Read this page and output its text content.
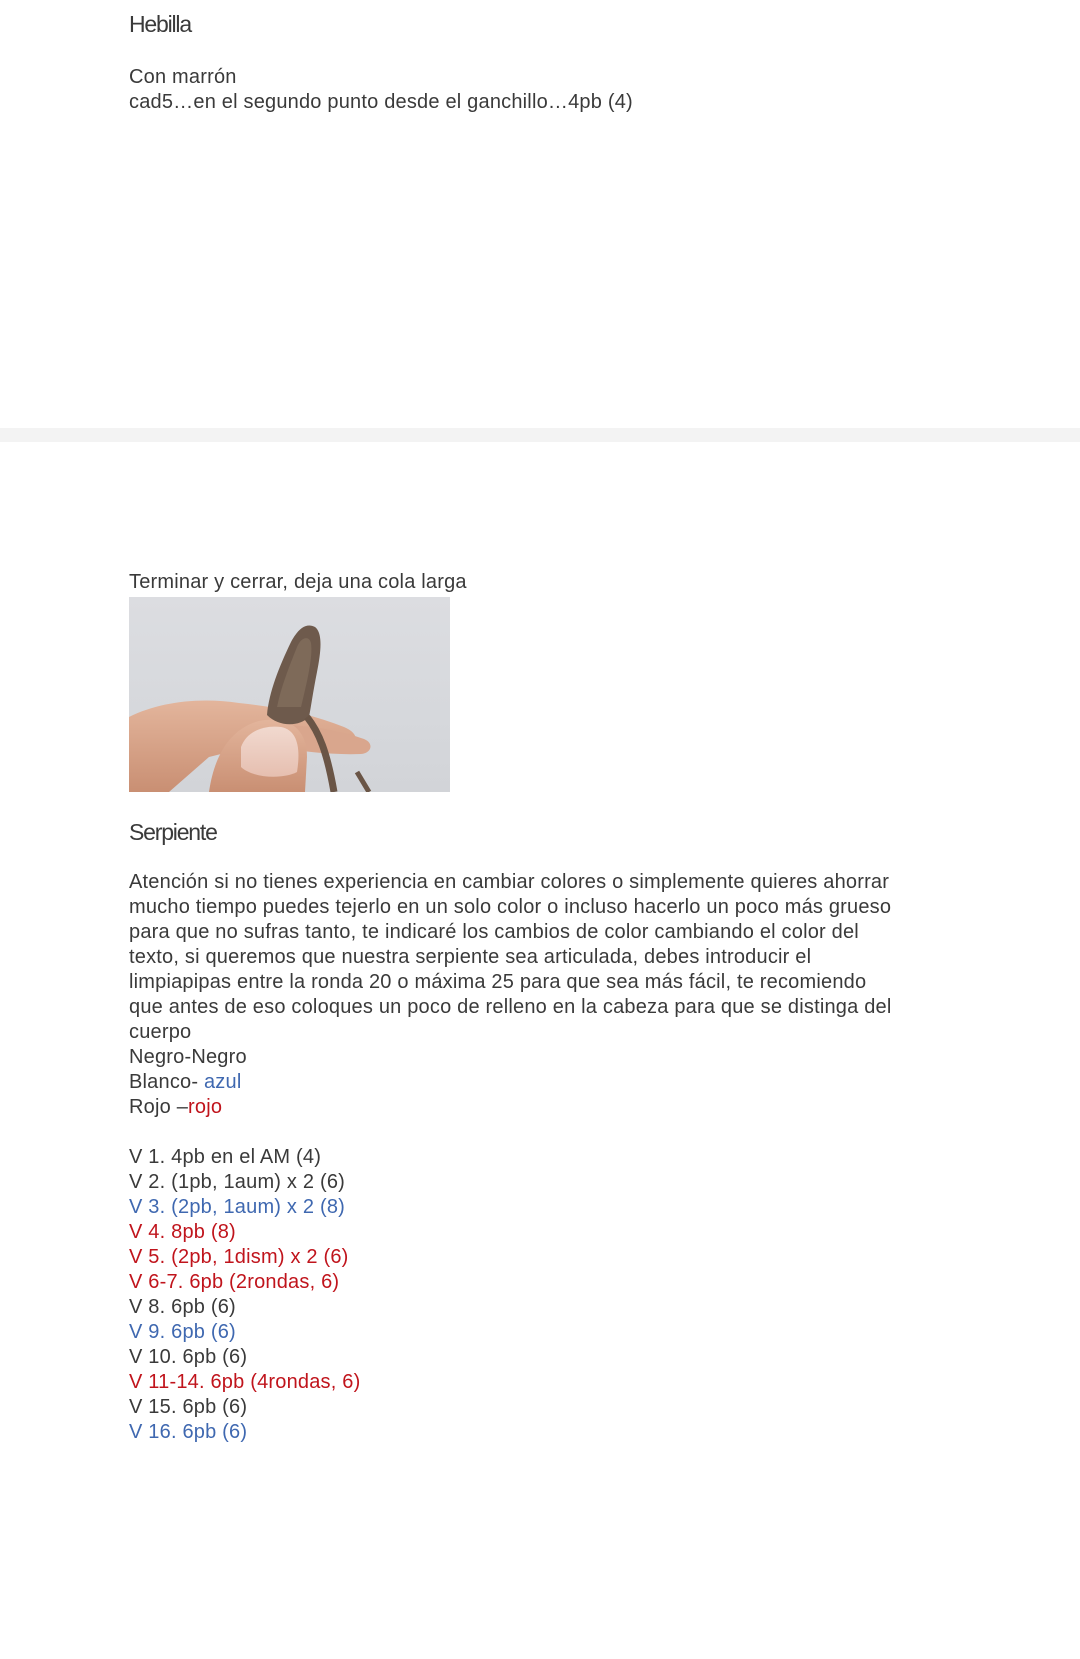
Hebilla
Con marrón
cad5…en el segundo punto desde el ganchillo…4pb (4)
Terminar y cerrar, deja una cola larga
Serpiente
Atención si no tienes experiencia en cambiar colores o simplemente quieres ahorrar
mucho tiempo puedes tejerlo en un solo color o incluso hacerlo un poco más grueso
para que no sufras tanto, te indicaré los cambios de color cambiando el color del
texto, si queremos que nuestra serpiente sea articulada, debes introducir el
limpiapipas entre la ronda 20 o máxima 25 para que sea más fácil, te recomiendo
que antes de eso coloques un poco de relleno en la cabeza para que se distinga del
cuerpo
Negro-Negro
Blanco- azul
Rojo –rojo
V 1. 4pb en el AM (4)
V 2. (1pb, 1aum) x 2 (6)
V 3. (2pb, 1aum) x 2 (8)
V 4. 8pb (8)
V 5. (2pb, 1dism) x 2 (6)
V 6-7. 6pb (2rondas, 6)
V 8. 6pb (6)
V 9. 6pb (6)
V 10. 6pb (6)
V 11-14. 6pb (4rondas, 6)
V 15. 6pb (6)
V 16. 6pb (6)
